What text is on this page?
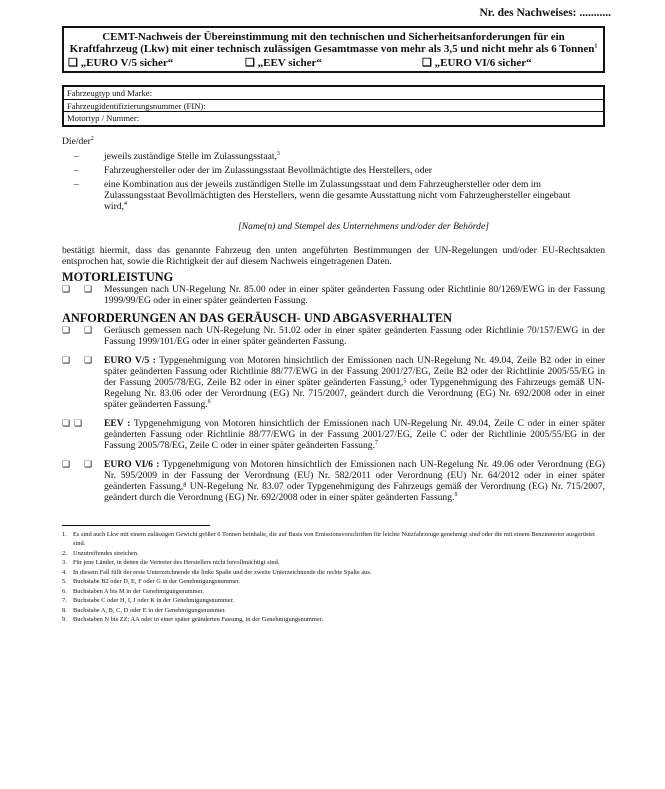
Nr. des Nachweises: ...........
CEMT-Nachweis der Übereinstimmung mit den technischen und Sicherheitsanforderungen für ein Kraftfahrzeug (Lkw) mit einer technisch zulässigen Gesamtmasse von mehr als 3,5 und nicht mehr als 6 Tonnen$^1$
❑ „EURO V/5 sicher“	❑ „EEV sicher“	❑ „EURO VI/6 sicher“
Fahrzeugtyp und Marke:
Fahrzeugidentifizierungsnummer (FIN):
Motortyp / Nummer:
Die/der$^2$
–	jeweils zuständige Stelle im Zulassungsstaat,$^3$
–	Fahrzeughersteller oder der im Zulassungsstaat Bevollmächtigte des Herstellers, oder
–	eine Kombination aus der jeweils zuständigen Stelle im Zulassungsstaat und dem Fahrzeughersteller oder dem im Zulassungsstaat Bevollmächtigten des Herstellers, wenn die gesamte Ausstattung nicht vom Fahrzeughersteller eingebaut wird,$^4$
[Name(n) und Stempel des Unternehmens und/oder der Behörde]
bestätigt hiermit, dass das genannte Fahrzeug den unten angeführten Bestimmungen der UN-Regelungen und/oder EU-Rechtsakten entsprochen hat, sowie die Richtigkeit der auf diesem Nachweis eingetragenen Daten.
MOTORLEISTUNG
❑ ❑ Messungen nach UN-Regelung Nr. 85.00 oder in einer später geänderten Fassung oder Richtlinie 80/1269/EWG in der Fassung 1999/99/EG oder in einer später geänderten Fassung.
ANFORDERUNGEN AN DAS GERÄUSCH- UND ABGASVERHALTEN
❑ ❑ Geräusch gemessen nach UN-Regelung Nr. 51.02 oder in einer später geänderten Fassung oder Richtlinie 70/157/EWG in der Fassung 1999/101/EG oder in einer später geänderten Fassung.
❑ ❑ EURO V/5 : Typgenehmigung von Motoren hinsichtlich der Emissionen nach UN-Regelung Nr. 49.04, Zeile B2 oder in einer später geänderten Fassung oder Richtlinie 88/77/EWG in der Fassung 2001/27/EG, Zeile B2 oder der Richtlinie 2005/55/EG in der Fassung 2005/78/EG, Zeile B2 oder in einer später geänderten Fassung,⁵ oder Typgenehmigung des Fahrzeugs gemäß UN-Regelung Nr. 83.06 oder der Verordnung (EG) Nr. 715/2007, geändert durch die Verordnung (EG) Nr. 692/2008 oder in einer später geänderten Fassung.$^6$
❑ ❑ EEV : Typgenehmigung von Motoren hinsichtlich der Emissionen nach UN-Regelung Nr. 49.04, Zeile C oder in einer später geänderten Fassung oder Richtlinie 88/77/EWG in der Fassung 2001/27/EG, Zeile C oder der Richtlinie 2005/55/EG in der Fassung 2005/78/EG, Zeile C oder in einer später geänderten Fassung.$^7$
❑ ❑ EURO VI/6 : Typgenehmigung von Motoren hinsichtlich der Emissionen nach UN-Regelung Nr. 49.06 oder Verordnung (EG) Nr. 595/2009 in der Fassung der Verordnung (EU) Nr. 582/2011 oder Verordnung (EU) Nr. 64/2012 oder in einer später geänderten Fassung,⁸ UN-Regelung Nr. 83.07 oder Typgenehmigung des Fahrzeugs gemäß der Verordnung (EG) Nr. 715/2007, geändert durch die Verordnung (EG) Nr. 692/2008 oder in einer später geänderten Fassung.$^9$
1. Es sind auch Lkw mit einem zulässigen Gewicht größer 6 Tonnen beinhalte, die auf Basis von Emissionsvorschriften für leichte Nutzfahrzeuge genehmigt sind oder die mit einem Benzinmotor ausgerüstet sind.
2. Unzutreffendes streichen.
3. Für jene Länder, in denen die Vertreter des Herstellers nicht bevollmächtigt sind.
4. In diesem Fall füllt der erste Unterzeichnende die linke Spalte und der zweite Unterzeichnende die rechte Spalte aus.
5. Buchstabe B2 oder D, E, F oder G in der Genehmigungsnummer.
6. Buchstaben A bis M in der Genehmigungsnummer.
7. Buchstabe C oder H, I, J oder K in der Genehmigungsnummer.
8. Buchstabe A, B, C, D oder E in der Genehmigungsnummer.
9. Buchstaben N bis ZZ; AA oder in einer später geänderten Fassung, in der Genehmigungsnummer.
